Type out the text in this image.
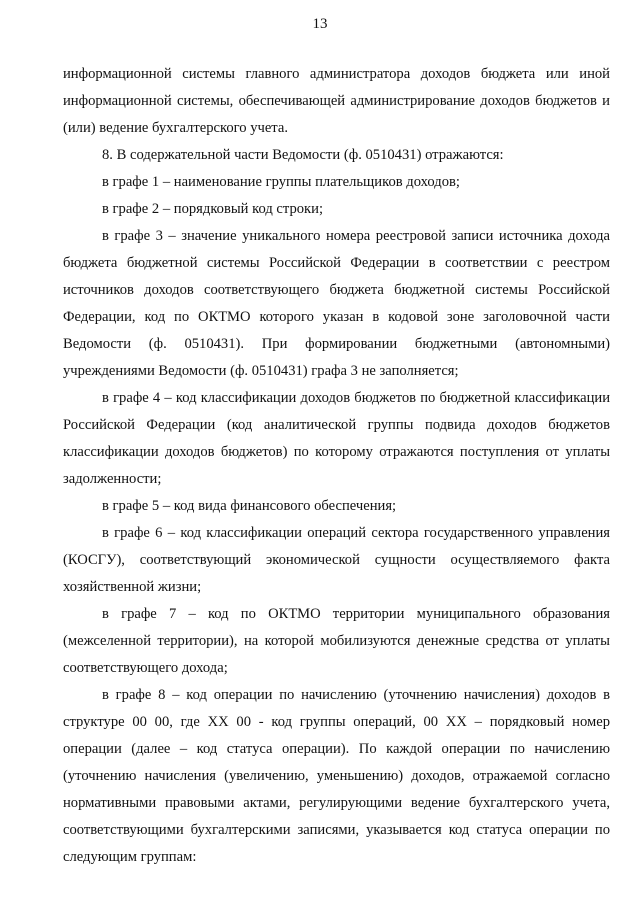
13

информационной системы главного администратора доходов бюджета или иной информационной системы, обеспечивающей администрирование доходов бюджетов и (или) ведение бухгалтерского учета.

8. В содержательной части Ведомости (ф. 0510431) отражаются:

в графе 1 – наименование группы плательщиков доходов;

в графе 2 – порядковый код строки;

в графе 3 – значение уникального номера реестровой записи источника дохода бюджета бюджетной системы Российской Федерации в соответствии с реестром источников доходов соответствующего бюджета бюджетной системы Российской Федерации, код по ОКТМО которого указан в кодовой зоне заголовочной части Ведомости (ф. 0510431). При формировании бюджетными (автономными) учреждениями Ведомости (ф. 0510431) графа 3 не заполняется;

в графе 4 – код классификации доходов бюджетов по бюджетной классификации Российской Федерации (код аналитической группы подвида доходов бюджетов классификации доходов бюджетов) по которому отражаются поступления от уплаты задолженности;

в графе 5 – код вида финансового обеспечения;

в графе 6 – код классификации операций сектора государственного управления (КОСГУ), соответствующий экономической сущности осуществляемого факта хозяйственной жизни;

в графе 7 – код по ОКТМО территории муниципального образования (межселенной территории), на которой мобилизуются денежные средства от уплаты соответствующего дохода;

в графе 8 – код операции по начислению (уточнению начисления) доходов в структуре 00 00, где XX 00 - код группы операций, 00 XX – порядковый номер операции (далее – код статуса операции). По каждой операции по начислению (уточнению начисления (увеличению, уменьшению) доходов, отражаемой согласно нормативными правовыми актами, регулирующими ведение бухгалтерского учета, соответствующими бухгалтерскими записями, указывается код статуса операции по следующим группам:
